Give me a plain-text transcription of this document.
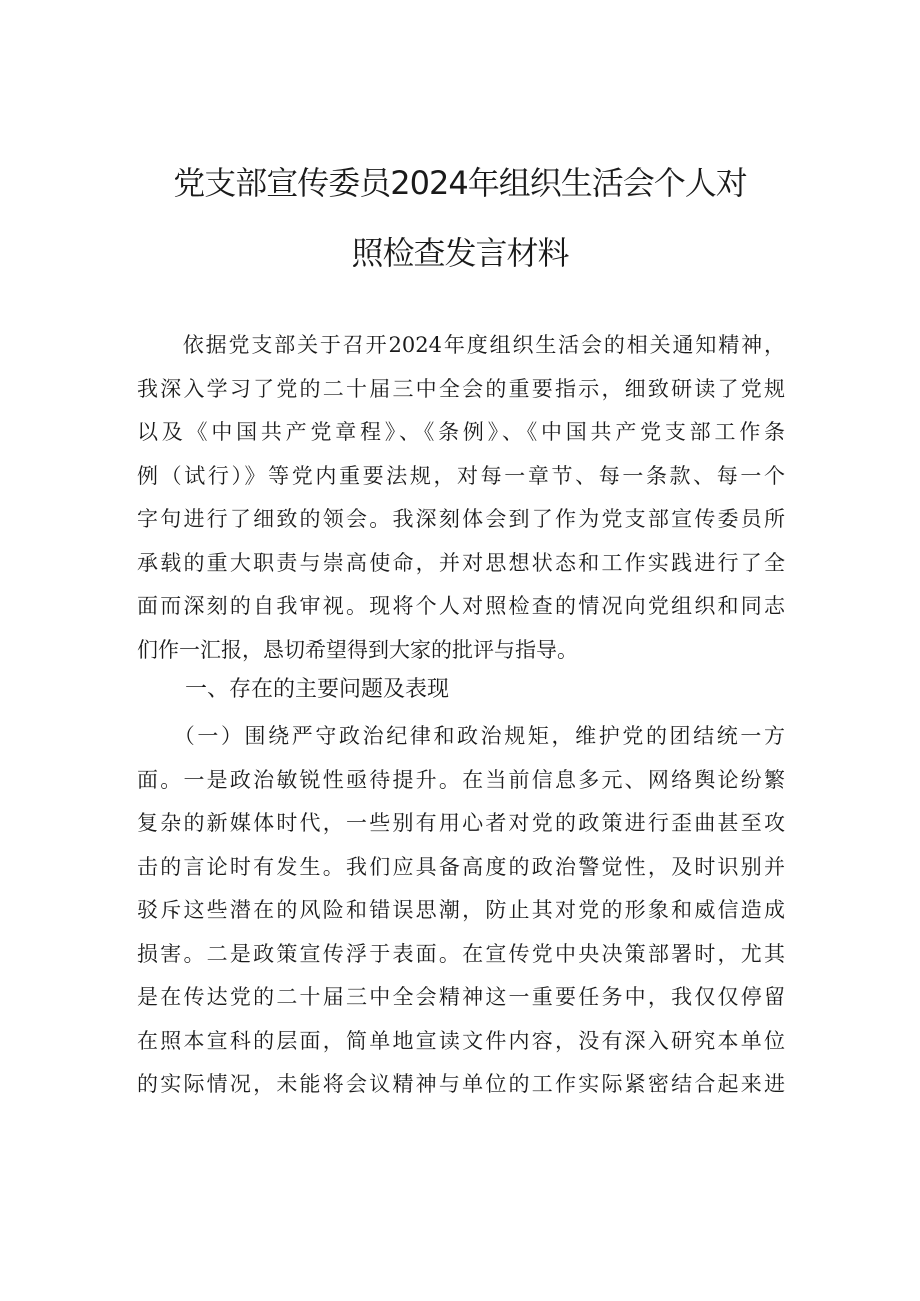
党支部宣传委员2024年组织生活会个人对
照检查发言材料
　　依据党支部关于召开2024年度组织生活会的相关通知精神，
我深入学习了党的二十届三中全会的重要指示，细致研读了党规
以及《中国共产党章程》、《条例》、《中国共产党支部工作条
例（试行）》等党内重要法规，对每一章节、每一条款、每一个
字句进行了细致的领会。我深刻体会到了作为党支部宣传委员所
承载的重大职责与崇高使命，并对思想状态和工作实践进行了全
面而深刻的自我审视。现将个人对照检查的情况向党组织和同志
们作一汇报，恳切希望得到大家的批评与指导。
一、存在的主要问题及表现
　　（一）围绕严守政治纪律和政治规矩，维护党的团结统一方
面。一是政治敏锐性亟待提升。在当前信息多元、网络舆论纷繁
复杂的新媒体时代，一些别有用心者对党的政策进行歪曲甚至攻
击的言论时有发生。我们应具备高度的政治警觉性，及时识别并
驳斥这些潜在的风险和错误思潮，防止其对党的形象和威信造成
损害。二是政策宣传浮于表面。在宣传党中央决策部署时，尤其
是在传达党的二十届三中全会精神这一重要任务中，我仅仅停留
在照本宣科的层面，简单地宣读文件内容，没有深入研究本单位
的实际情况，未能将会议精神与单位的工作实际紧密结合起来进
